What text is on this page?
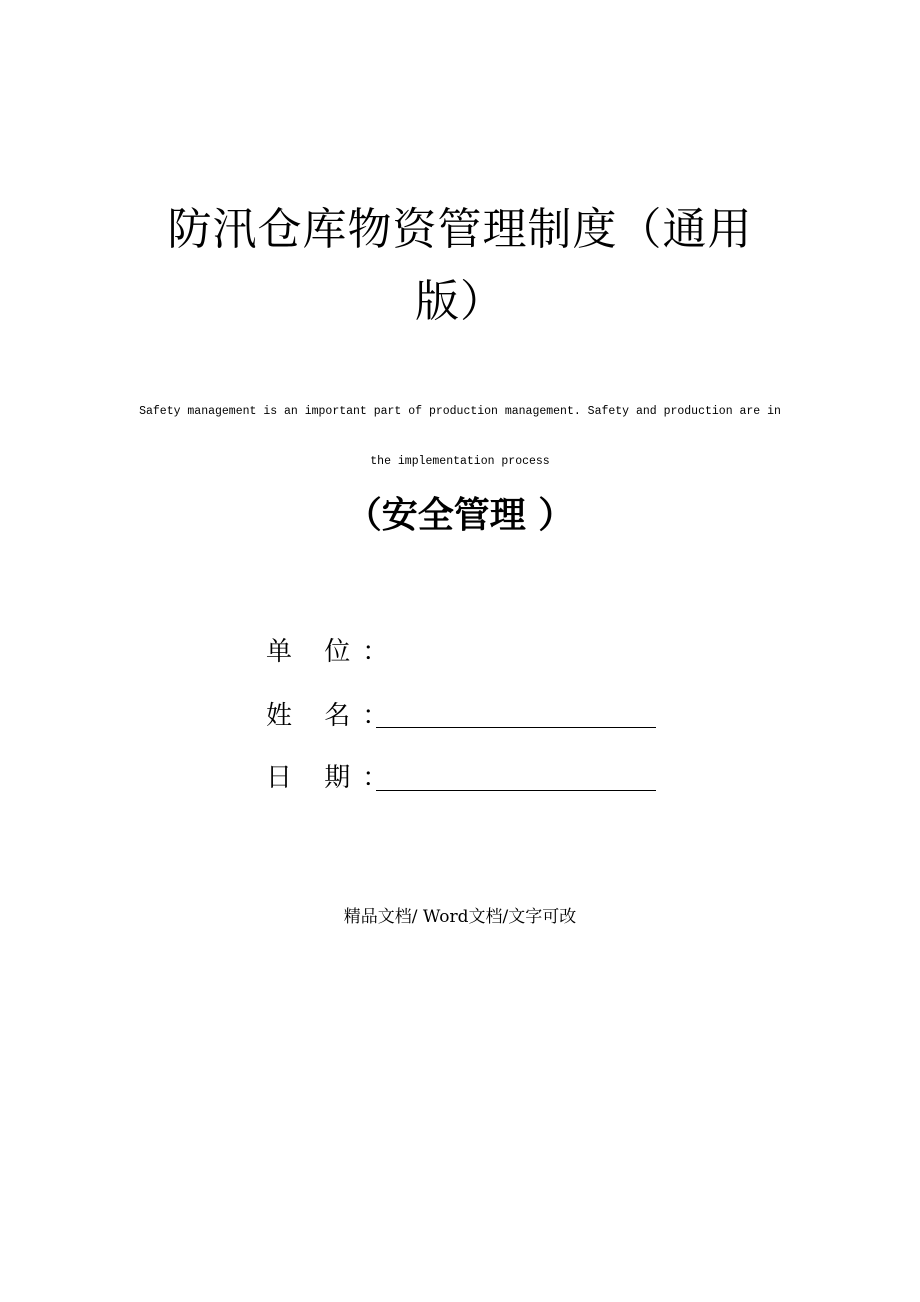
防汛仓库物资管理制度（通用
版）

Safety management is an important part of production management. Safety and production are in

the implementation process

（安全管理 ）
单 位：
姓 名：
日 期：

精品文档/ Word文档/文字可改
